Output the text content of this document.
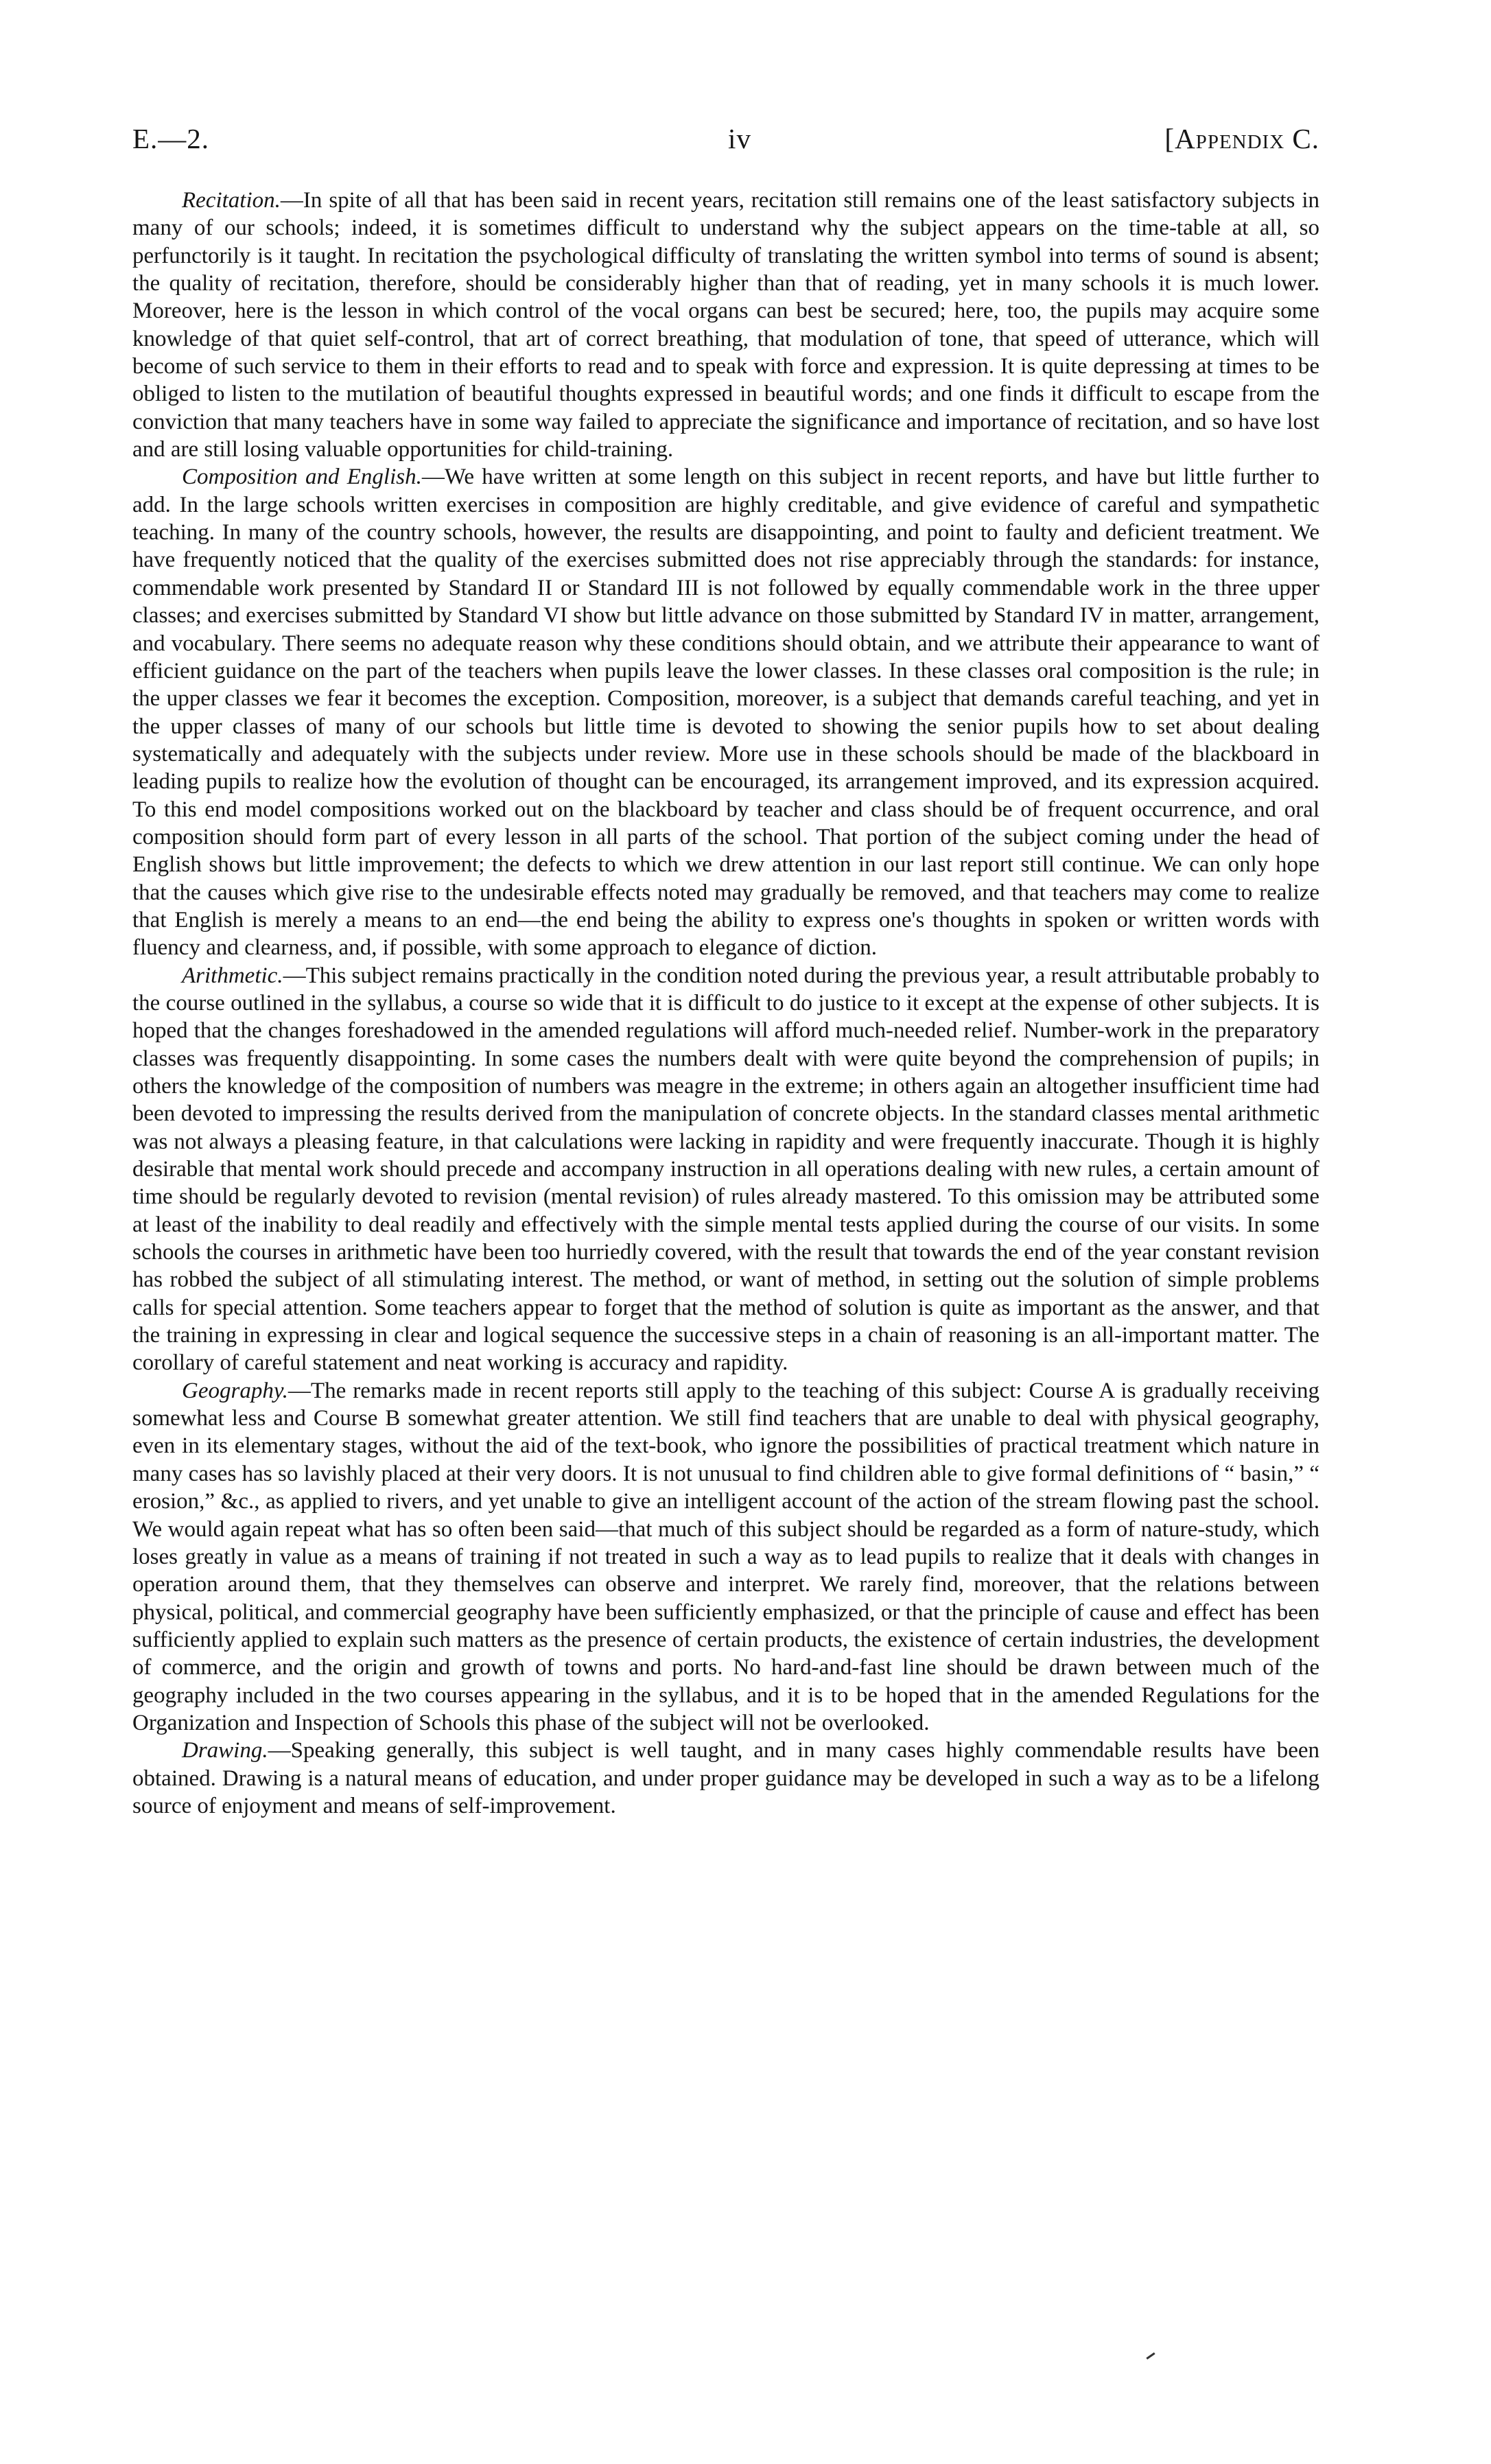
E.—2.	iv	[Appendix C.

Recitation.—In spite of all that has been said in recent years, recitation still remains one of the least satisfactory subjects in many of our schools; indeed, it is sometimes difficult to understand why the subject appears on the time-table at all, so perfunctorily is it taught. In recitation the psychological difficulty of translating the written symbol into terms of sound is absent; the quality of recitation, therefore, should be considerably higher than that of reading, yet in many schools it is much lower. Moreover, here is the lesson in which control of the vocal organs can best be secured; here, too, the pupils may acquire some knowledge of that quiet self-control, that art of correct breathing, that modulation of tone, that speed of utterance, which will become of such service to them in their efforts to read and to speak with force and expression. It is quite depressing at times to be obliged to listen to the mutilation of beautiful thoughts expressed in beautiful words; and one finds it difficult to escape from the conviction that many teachers have in some way failed to appreciate the significance and importance of recitation, and so have lost and are still losing valuable opportunities for child-training.

Composition and English.—We have written at some length on this subject in recent reports, and have but little further to add. In the large schools written exercises in composition are highly creditable, and give evidence of careful and sympathetic teaching. In many of the country schools, however, the results are disappointing, and point to faulty and deficient treatment. We have frequently noticed that the quality of the exercises submitted does not rise appreciably through the standards: for instance, commendable work presented by Standard II or Standard III is not followed by equally commendable work in the three upper classes; and exercises submitted by Standard VI show but little advance on those submitted by Standard IV in matter, arrangement, and vocabulary. There seems no adequate reason why these conditions should obtain, and we attribute their appearance to want of efficient guidance on the part of the teachers when pupils leave the lower classes. In these classes oral composition is the rule; in the upper classes we fear it becomes the exception. Composition, moreover, is a subject that demands careful teaching, and yet in the upper classes of many of our schools but little time is devoted to showing the senior pupils how to set about dealing systematically and adequately with the subjects under review. More use in these schools should be made of the blackboard in leading pupils to realize how the evolution of thought can be encouraged, its arrangement improved, and its expression acquired. To this end model compositions worked out on the blackboard by teacher and class should be of frequent occurrence, and oral composition should form part of every lesson in all parts of the school. That portion of the subject coming under the head of English shows but little improvement; the defects to which we drew attention in our last report still continue. We can only hope that the causes which give rise to the undesirable effects noted may gradually be removed, and that teachers may come to realize that English is merely a means to an end—the end being the ability to express one's thoughts in spoken or written words with fluency and clearness, and, if possible, with some approach to elegance of diction.

Arithmetic.—This subject remains practically in the condition noted during the previous year, a result attributable probably to the course outlined in the syllabus, a course so wide that it is difficult to do justice to it except at the expense of other subjects. It is hoped that the changes foreshadowed in the amended regulations will afford much-needed relief. Number-work in the preparatory classes was frequently disappointing. In some cases the numbers dealt with were quite beyond the comprehension of pupils; in others the knowledge of the composition of numbers was meagre in the extreme; in others again an altogether insufficient time had been devoted to impressing the results derived from the manipulation of concrete objects. In the standard classes mental arithmetic was not always a pleasing feature, in that calculations were lacking in rapidity and were frequently inaccurate. Though it is highly desirable that mental work should precede and accompany instruction in all operations dealing with new rules, a certain amount of time should be regularly devoted to revision (mental revision) of rules already mastered. To this omission may be attributed some at least of the inability to deal readily and effectively with the simple mental tests applied during the course of our visits. In some schools the courses in arithmetic have been too hurriedly covered, with the result that towards the end of the year constant revision has robbed the subject of all stimulating interest. The method, or want of method, in setting out the solution of simple problems calls for special attention. Some teachers appear to forget that the method of solution is quite as important as the answer, and that the training in expressing in clear and logical sequence the successive steps in a chain of reasoning is an all-important matter. The corollary of careful statement and neat working is accuracy and rapidity.

Geography.—The remarks made in recent reports still apply to the teaching of this subject: Course A is gradually receiving somewhat less and Course B somewhat greater attention. We still find teachers that are unable to deal with physical geography, even in its elementary stages, without the aid of the text-book, who ignore the possibilities of practical treatment which nature in many cases has so lavishly placed at their very doors. It is not unusual to find children able to give formal definitions of “ basin,” “ erosion,” &c., as applied to rivers, and yet unable to give an intelligent account of the action of the stream flowing past the school. We would again repeat what has so often been said—that much of this subject should be regarded as a form of nature-study, which loses greatly in value as a means of training if not treated in such a way as to lead pupils to realize that it deals with changes in operation around them, that they themselves can observe and interpret. We rarely find, moreover, that the relations between physical, political, and commercial geography have been sufficiently emphasized, or that the principle of cause and effect has been sufficiently applied to explain such matters as the presence of certain products, the existence of certain industries, the development of commerce, and the origin and growth of towns and ports. No hard-and-fast line should be drawn between much of the geography included in the two courses appearing in the syllabus, and it is to be hoped that in the amended Regulations for the Organization and Inspection of Schools this phase of the subject will not be overlooked.

Drawing.—Speaking generally, this subject is well taught, and in many cases highly commendable results have been obtained. Drawing is a natural means of education, and under proper guidance may be developed in such a way as to be a lifelong source of enjoyment and means of self-improvement.
